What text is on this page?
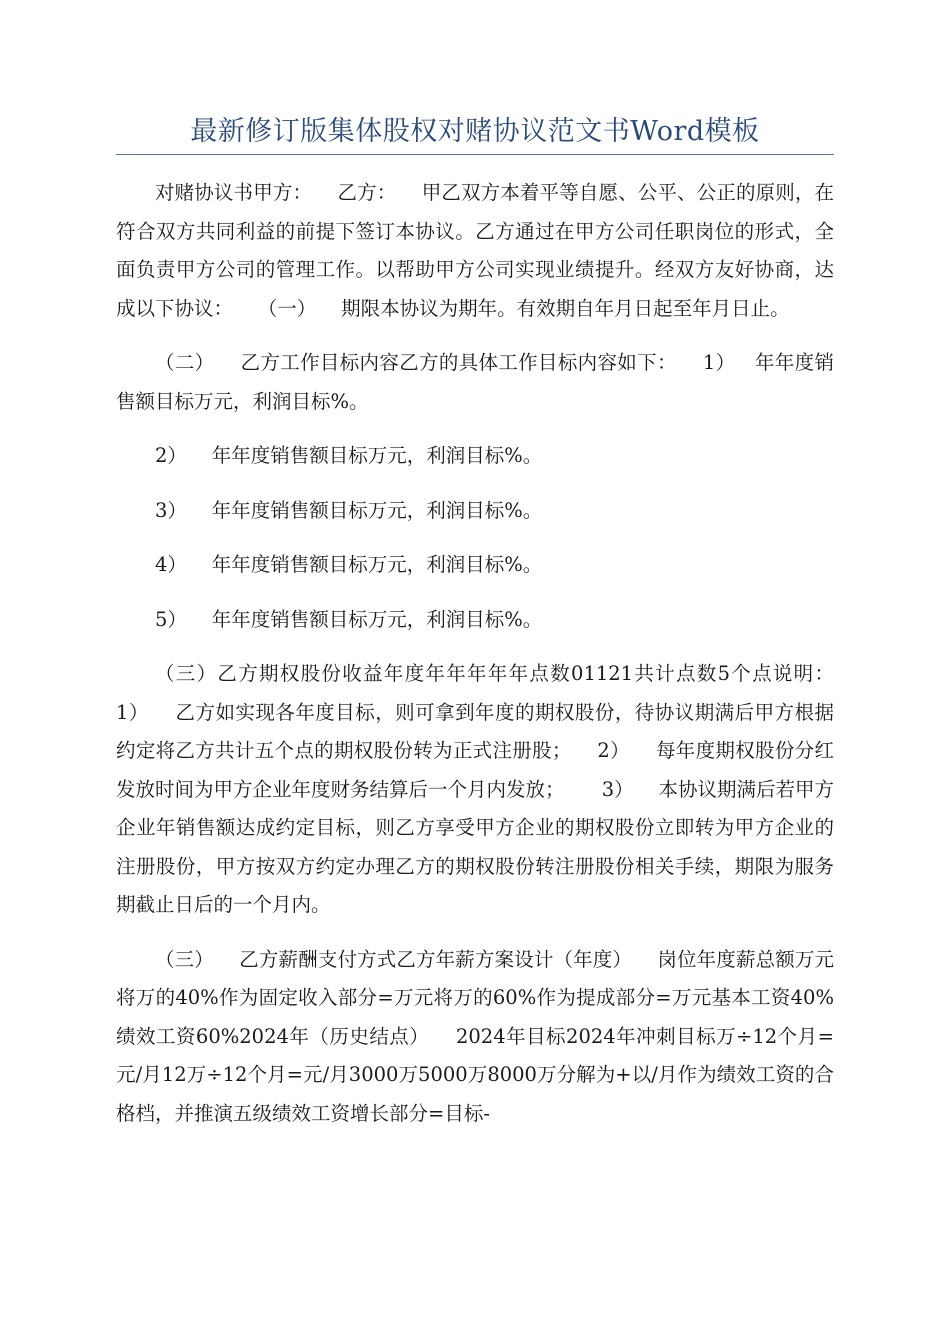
最新修订版集体股权对赌协议范文书Word模板

对赌协议书甲方：    乙方：    甲乙双方本着平等自愿、公平、公正的原则，在符合双方共同利益的前提下签订本协议。乙方通过在甲方公司任职岗位的形式，全面负责甲方公司的管理工作。以帮助甲方公司实现业绩提升。经双方友好协商，达成以下协议：    （一）    期限本协议为期年。有效期自年月日起至年月日止。

（二）    乙方工作目标内容乙方的具体工作目标内容如下：    1）   年年度销售额目标万元，利润目标%。

2）    年年度销售额目标万元，利润目标%。

3）    年年度销售额目标万元，利润目标%。

4）    年年度销售额目标万元，利润目标%。

5）    年年度销售额目标万元，利润目标%。

（三）乙方期权股份收益年度年年年年年点数01121共计点数5个点说明：   1）    乙方如实现各年度目标，则可拿到年度的期权股份，待协议期满后甲方根据约定将乙方共计五个点的期权股份转为正式注册股；    2）    每年度期权股份分红发放时间为甲方企业年度财务结算后一个月内发放；      3）    本协议期满后若甲方企业年销售额达成约定目标，则乙方享受甲方企业的期权股份立即转为甲方企业的注册股份，甲方按双方约定办理乙方的期权股份转注册股份相关手续，期限为服务期截止日后的一个月内。

（三）    乙方薪酬支付方式乙方年薪方案设计（年度）    岗位年度薪总额万元将万的40%作为固定收入部分=万元将万的60%作为提成部分=万元基本工资40%绩效工资60%2024年（历史结点）    2024年目标2024年冲刺目标万÷12个月=元/月12万÷12个月=元/月3000万5000万8000万分解为+以/月作为绩效工资的合格档，并推演五级绩效工资增长部分=目标-
